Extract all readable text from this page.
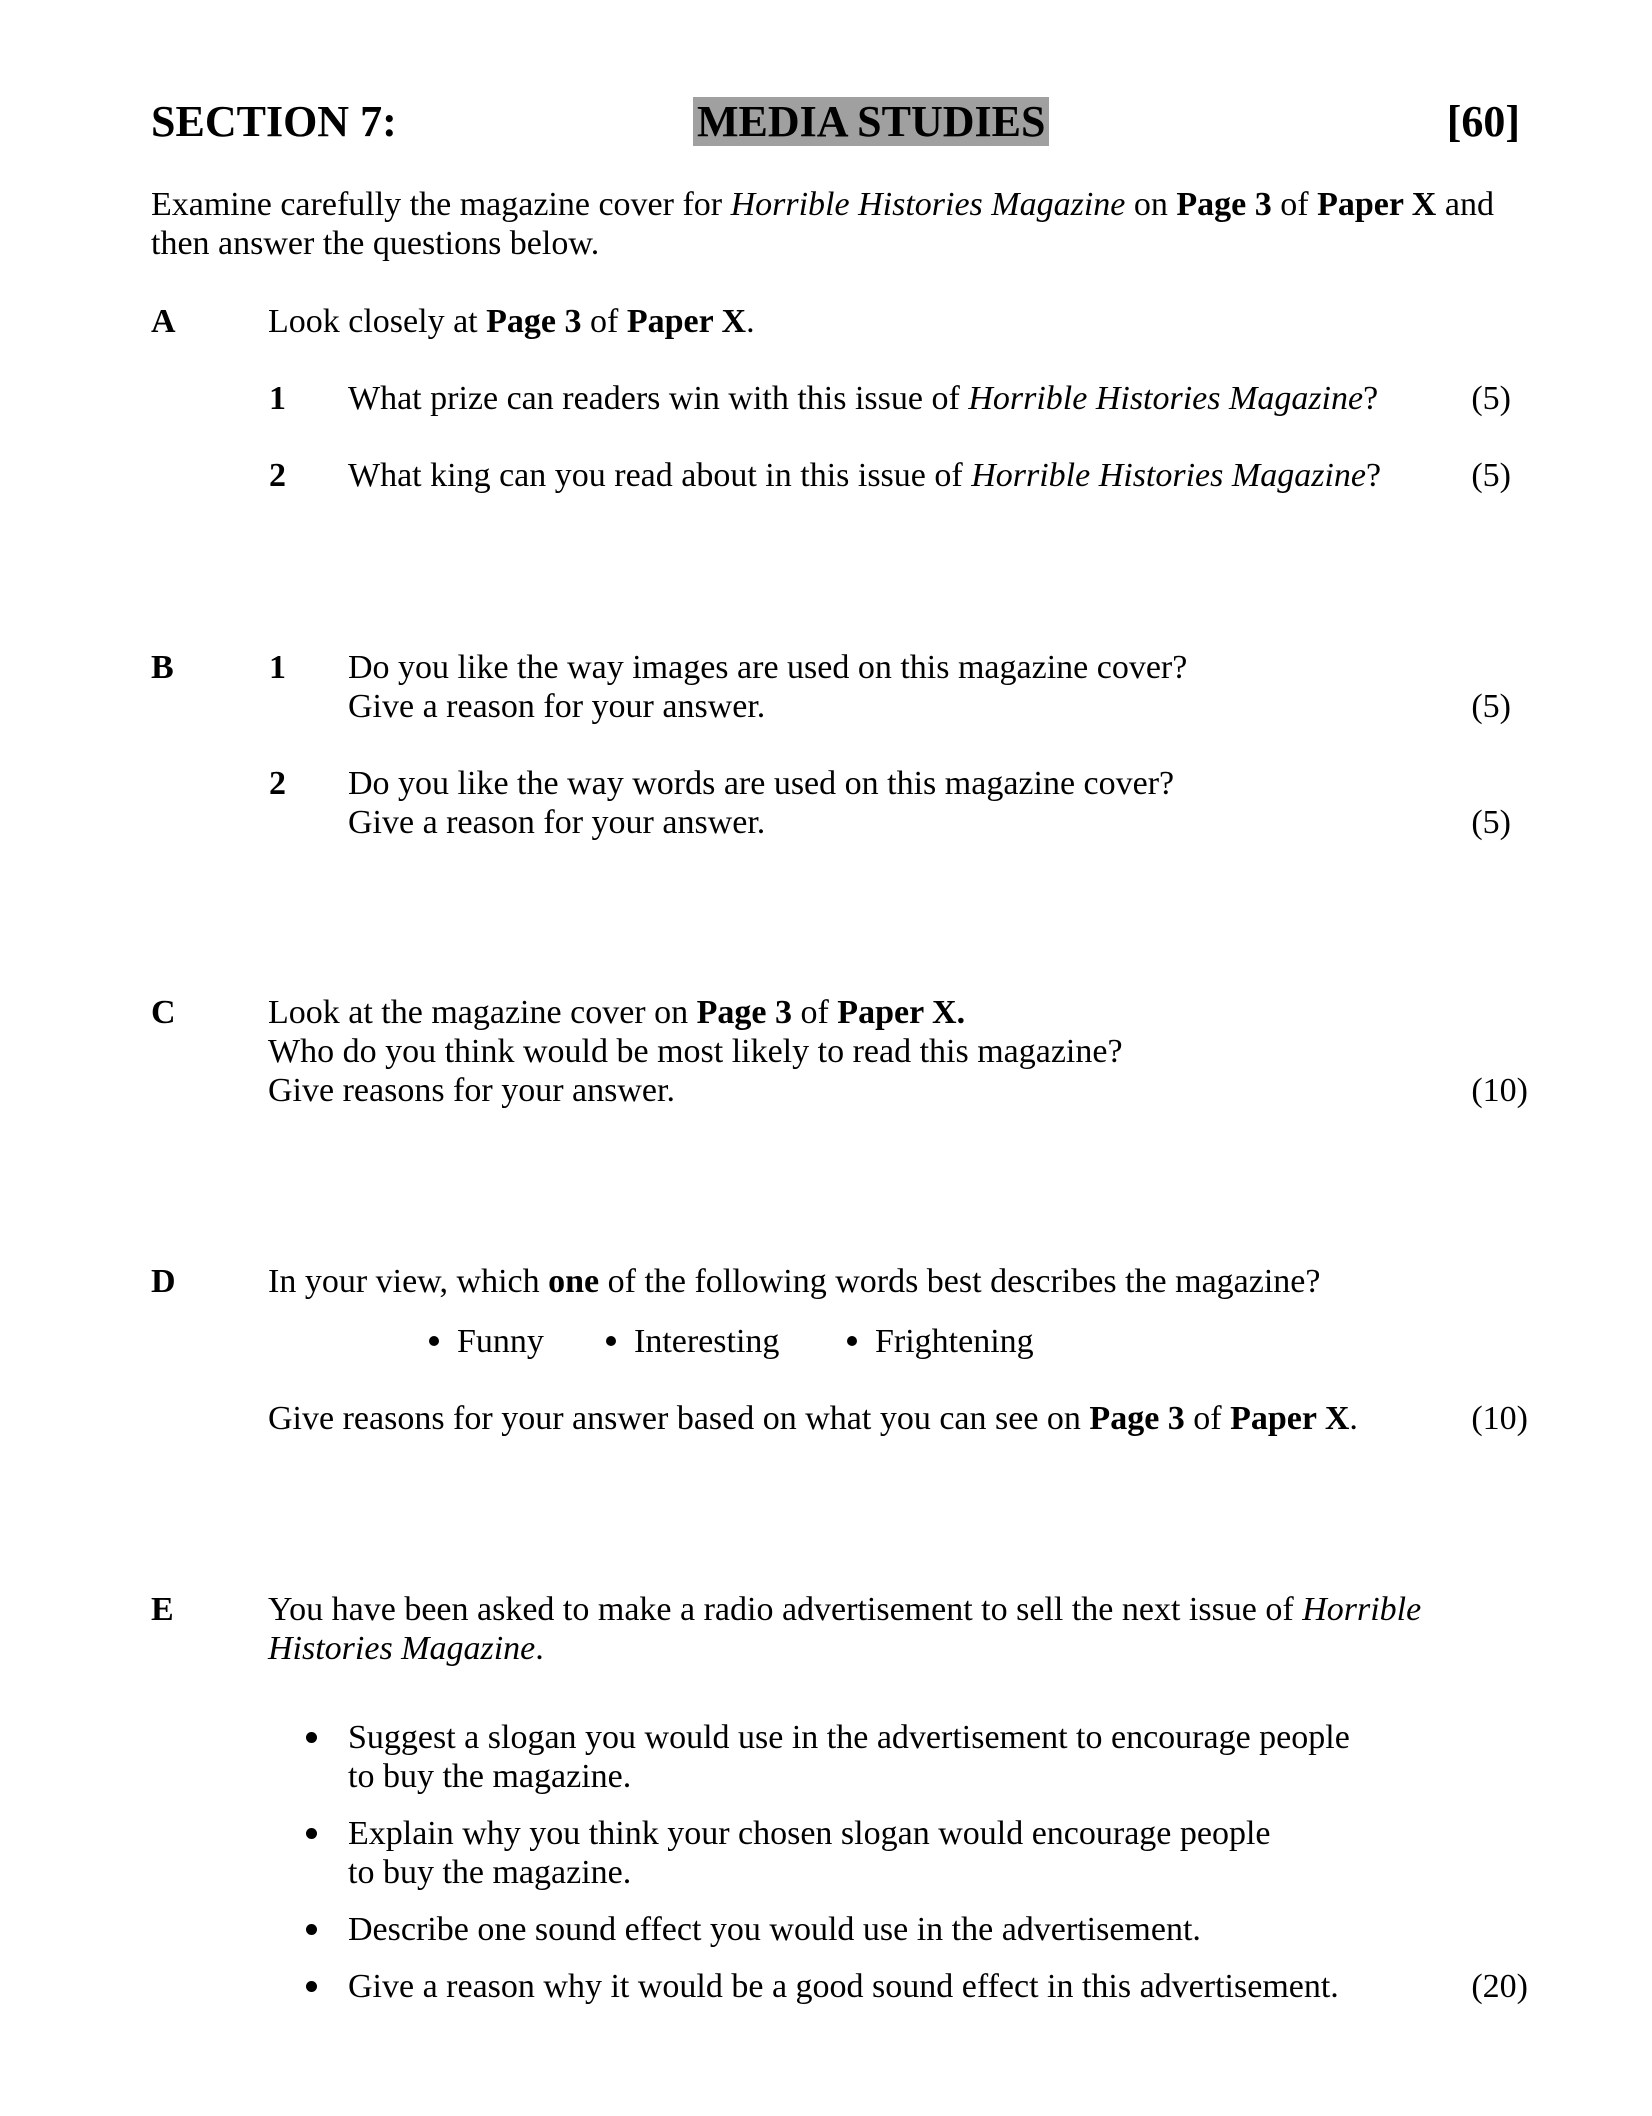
SECTION 7:	MEDIA STUDIES	[60]
Examine carefully the magazine cover for Horrible Histories Magazine on Page 3 of Paper X and
then answer the questions below.
A	Look closely at Page 3 of Paper X.
1 What prize can readers win with this issue of Horrible Histories Magazine?	(5)
2 What king can you read about in this issue of Horrible Histories Magazine?	(5)
B	1 Do you like the way images are used on this magazine cover?
Give a reason for your answer.	(5)
2 Do you like the way words are used on this magazine cover?
Give a reason for your answer.	(5)
C	Look at the magazine cover on Page 3 of Paper X.
Who do you think would be most likely to read this magazine?
Give reasons for your answer.	(10)
D	In your view, which one of the following words best describes the magazine?
Funny	Interesting	Frightening
Give reasons for your answer based on what you can see on Page 3 of Paper X.	(10)
E	You have been asked to make a radio advertisement to sell the next issue of Horrible
Histories Magazine.
Suggest a slogan you would use in the advertisement to encourage people
to buy the magazine.
Explain why you think your chosen slogan would encourage people
to buy the magazine.
Describe one sound effect you would use in the advertisement.
Give a reason why it would be a good sound effect in this advertisement.	(20)
